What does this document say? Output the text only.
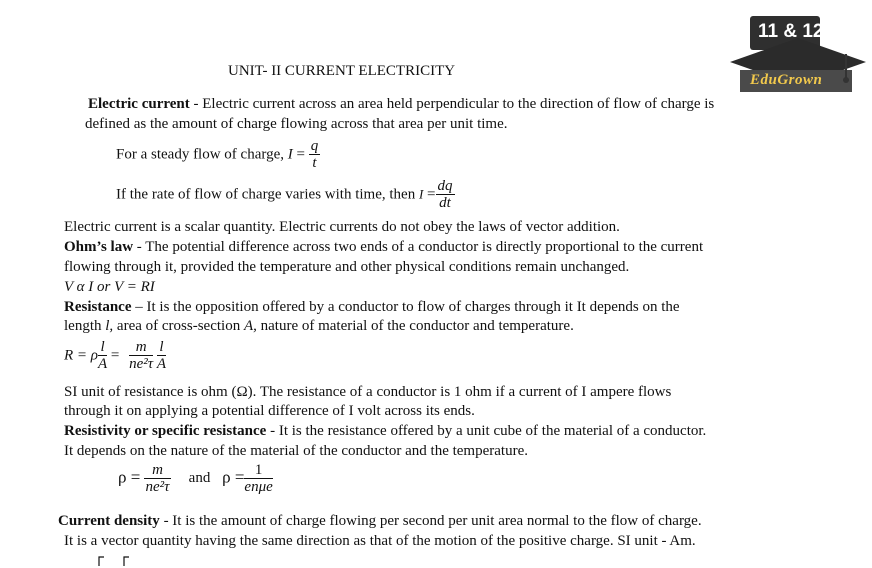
11 & 12
EduGrown
UNIT- II CURRENT ELECTRICITY
Electric current - Electric current across an area held perpendicular to the direction of flow of charge is
defined as the amount of charge flowing across that area per unit time.
For a steady flow of charge, $I = \frac{q}{t}$
If the rate of flow of charge varies with time, then $I = \frac{dq}{dt}$
Electric current is a scalar quantity. Electric currents do not obey the laws of vector addition.
Ohm’s law - The potential difference across two ends of a conductor is directly proportional to the current
flowing through it, provided the temperature and other physical conditions remain unchanged.
V α I or V = RI
Resistance – It is the opposition offered by a conductor to flow of charges through it It depends on the
length l, area of cross-section A, nature of material of the conductor and temperature.
R = ρ $\frac{l}{A} = \frac{m}{\text{ne²τ}}$
$\frac{l}{A}$
SI unit of resistance is ohm (Ω). The resistance of a conductor is 1 ohm if a current of I ampere flows
through it on applying a potential difference of I volt across its ends.
Resistivity or specific resistance - It is the resistance offered by a unit cube of the material of a conductor.
It depends on the nature of the material of the conductor and the temperature.
$\rho = \frac{m}{\text{ne²τ}}$ and $\rho = \frac{1}{\text{enμe}}$
Current density - It is the amount of charge flowing per second per unit area normal to the flow of charge.
It is a vector quantity having the same direction as that of the motion of the positive charge. SI unit - Am.
